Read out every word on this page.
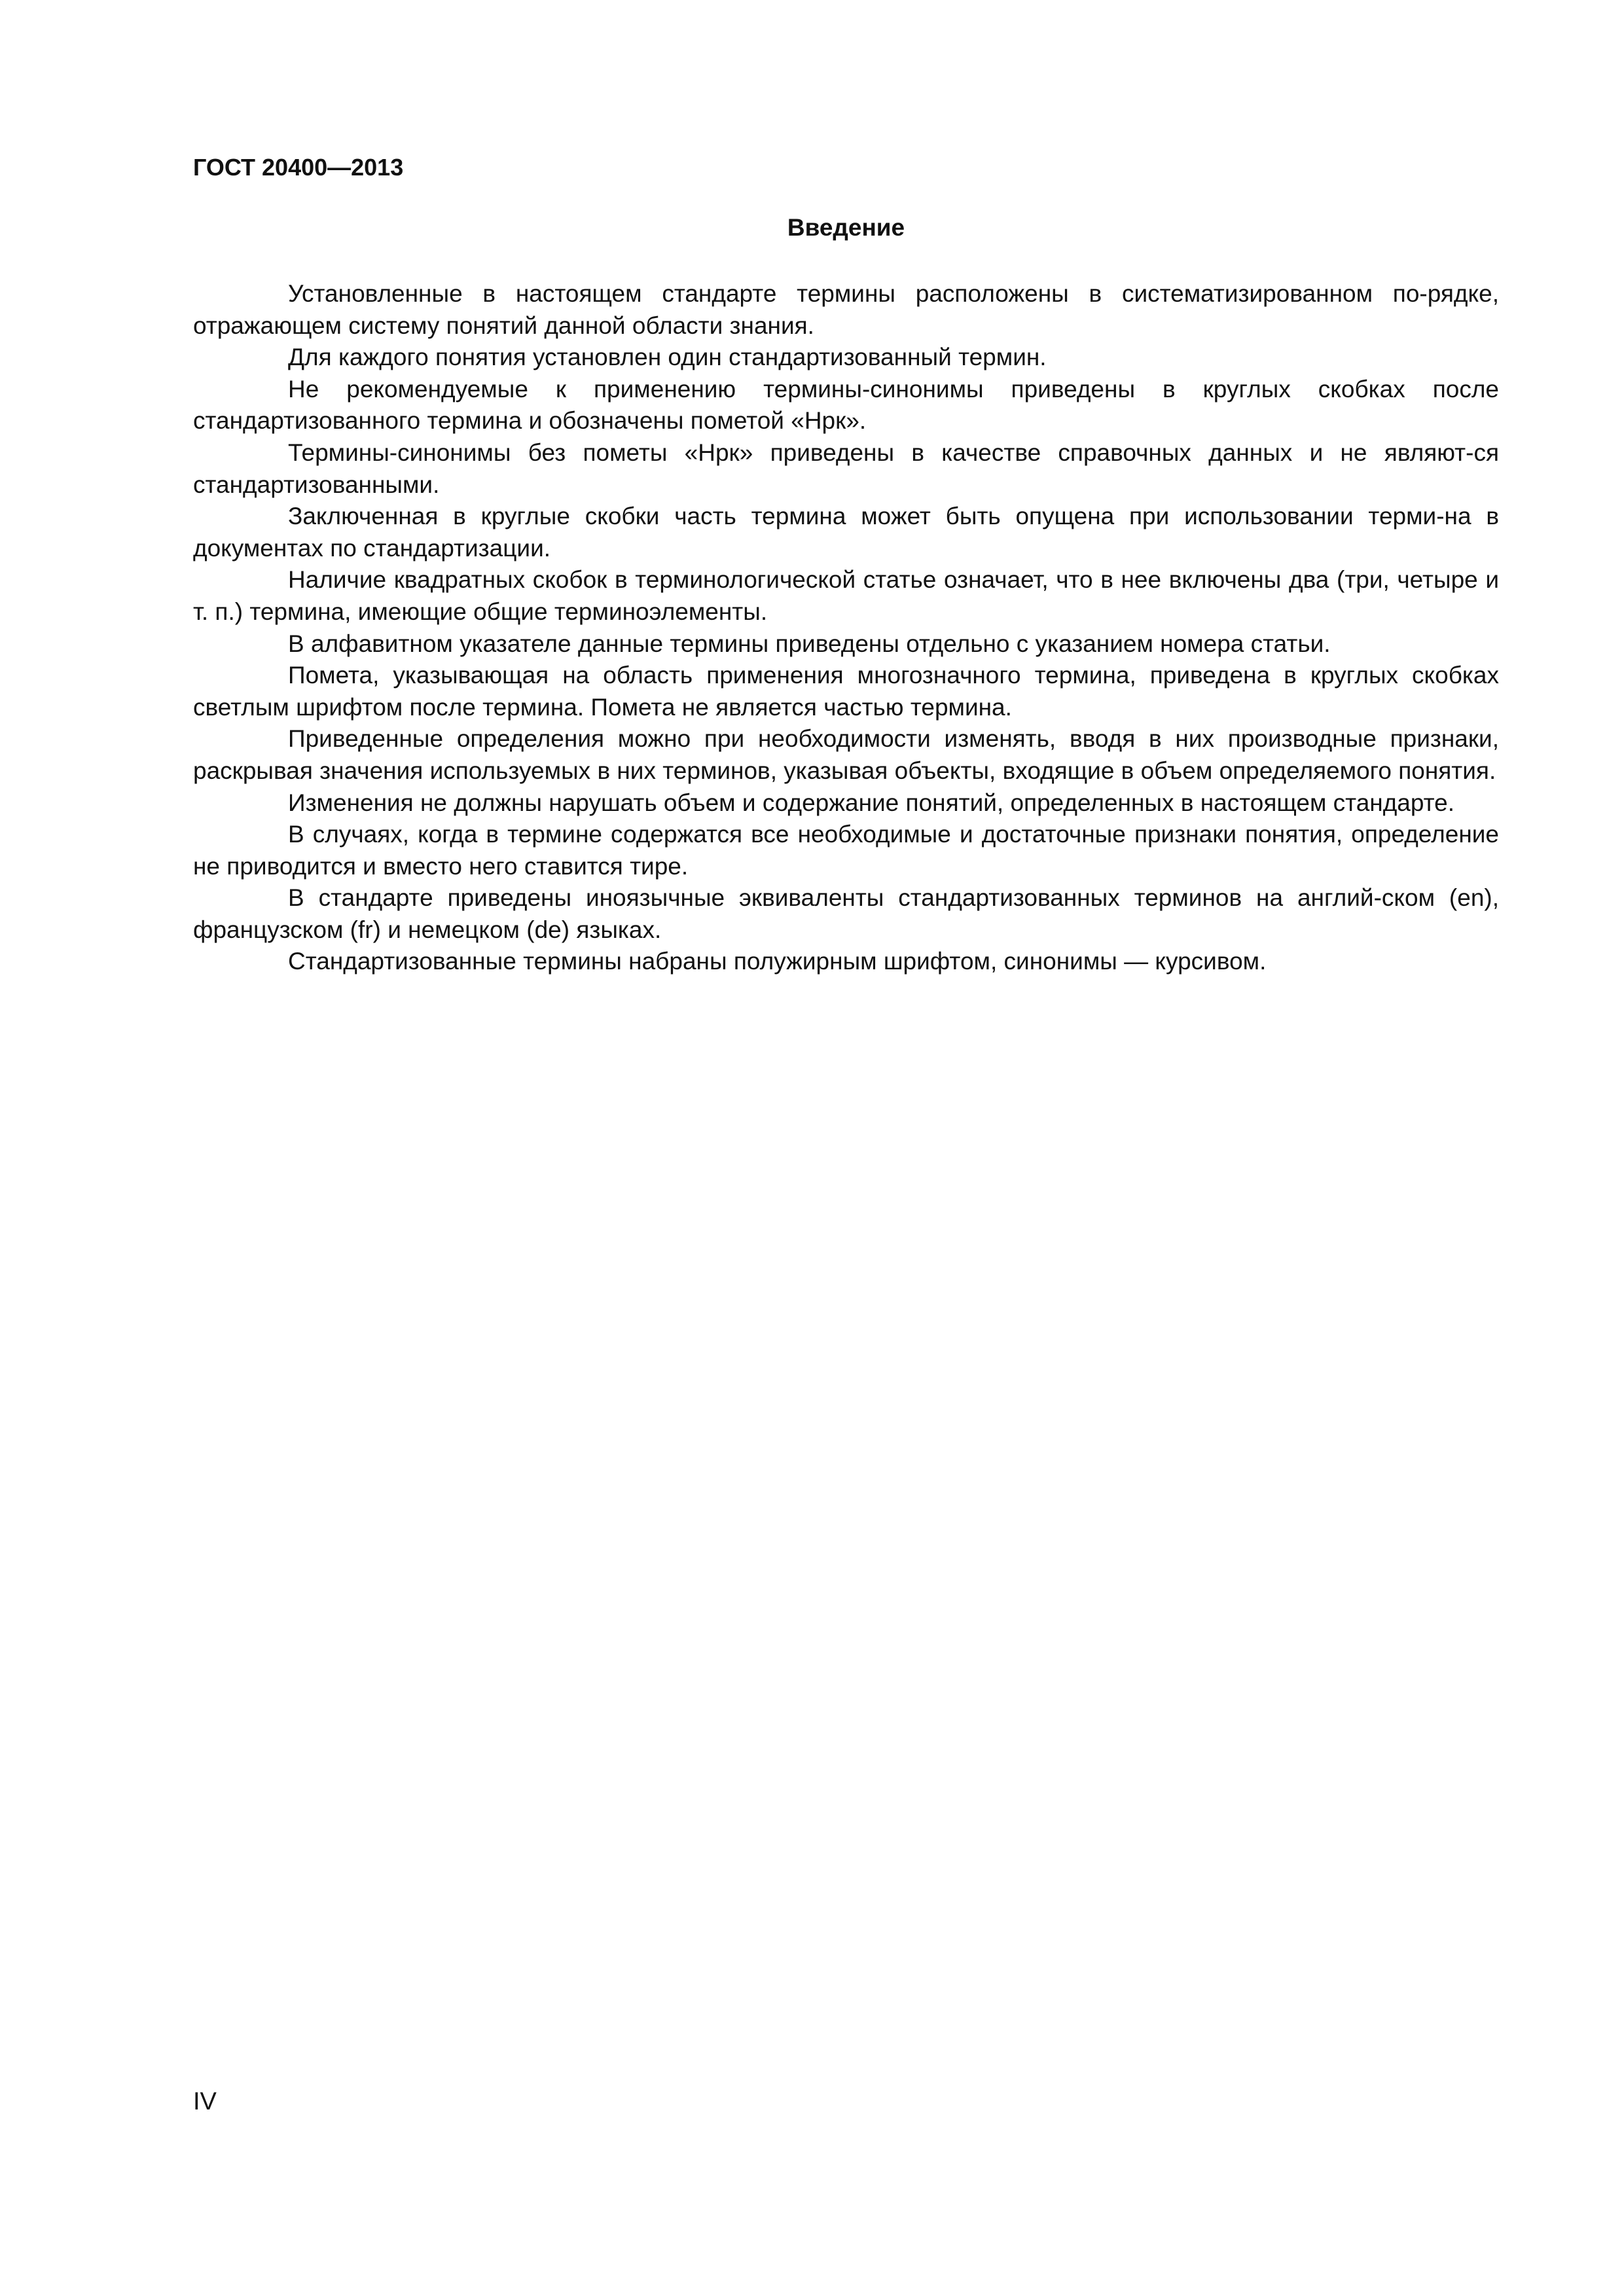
ГОСТ 20400—2013
Введение

Установленные в настоящем стандарте термины расположены в систематизированном по-рядке, отражающем систему понятий данной области знания.

Для каждого понятия установлен один стандартизованный термин.

Не рекомендуемые к применению термины-синонимы приведены в круглых скобках после стандартизованного термина и обозначены пометой «Нрк».

Термины-синонимы без пометы «Нрк» приведены в качестве справочных данных и не являют-ся стандартизованными.

Заключенная в круглые скобки часть термина может быть опущена при использовании терми-на в документах по стандартизации.

Наличие квадратных скобок в терминологической статье означает, что в нее включены два (три, четыре и т. п.) термина, имеющие общие терминоэлементы.

В алфавитном указателе данные термины приведены отдельно с указанием номера статьи.

Помета, указывающая на область применения многозначного термина, приведена в круглых скобках светлым шрифтом после термина. Помета не является частью термина.

Приведенные определения можно при необходимости изменять, вводя в них производные признаки, раскрывая значения используемых в них терминов, указывая объекты, входящие в объем определяемого понятия.

Изменения не должны нарушать объем и содержание понятий, определенных в настоящем стандарте.

В случаях, когда в термине содержатся все необходимые и достаточные признаки понятия, определение не приводится и вместо него ставится тире.

В стандарте приведены иноязычные эквиваленты стандартизованных терминов на англий-ском (en), французском (fr) и немецком (de) языках.

Стандартизованные термины набраны полужирным шрифтом, синонимы — курсивом.

IV
